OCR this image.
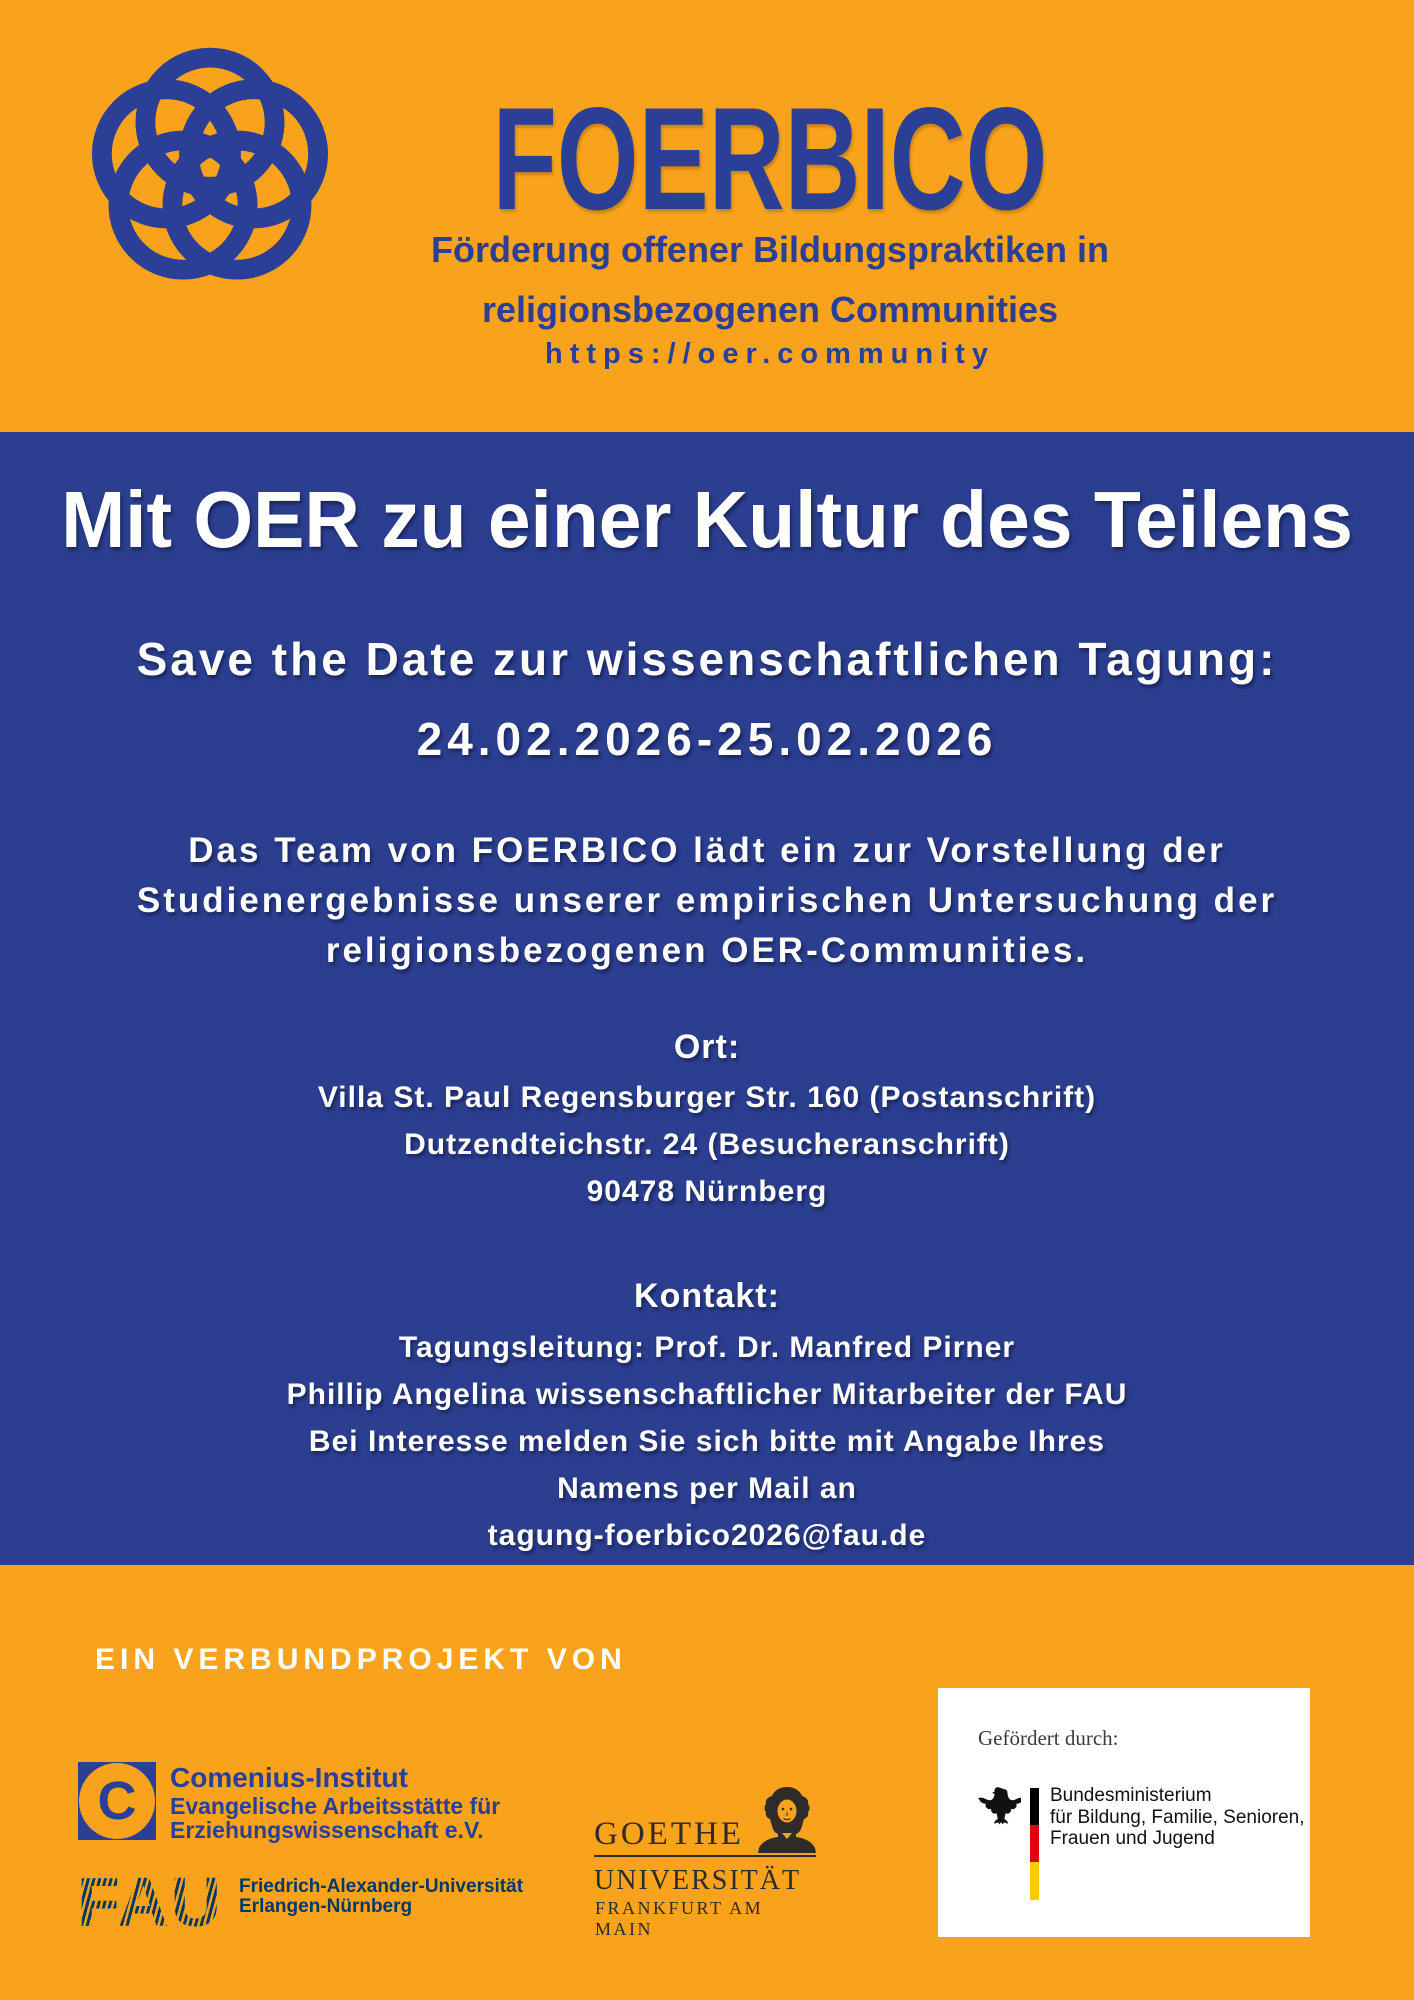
FOERBICO
Förderung offener Bildungspraktiken in
religionsbezogenen Communities
https://oer.community
Mit OER zu einer Kultur des Teilens
Save the Date zur wissenschaftlichen Tagung:
24.02.2026-25.02.2026
Das Team von FOERBICO lädt ein zur Vorstellung der
Studienergebnisse unserer empirischen Untersuchung der
religionsbezogenen OER-Communities.
Ort:
Villa St. Paul Regensburger Str. 160 (Postanschrift)
Dutzendteichstr. 24 (Besucheranschrift)
90478 Nürnberg
Kontakt:
Tagungsleitung: Prof. Dr. Manfred Pirner
Phillip Angelina wissenschaftlicher Mitarbeiter der FAU
Bei Interesse melden Sie sich bitte mit Angabe Ihres
Namens per Mail an
tagung-foerbico2026@fau.de
EIN VERBUNDPROJEKT VON
C Comenius-Institut
Evangelische Arbeitsstätte für
Erziehungswissenschaft e.V.
FAU Friedrich-Alexander-Universität
Erlangen-Nürnberg
GOETHE
UNIVERSITÄT
FRANKFURT AM MAIN
Gefördert durch:
Bundesministerium
für Bildung, Familie, Senioren,
Frauen und Jugend
